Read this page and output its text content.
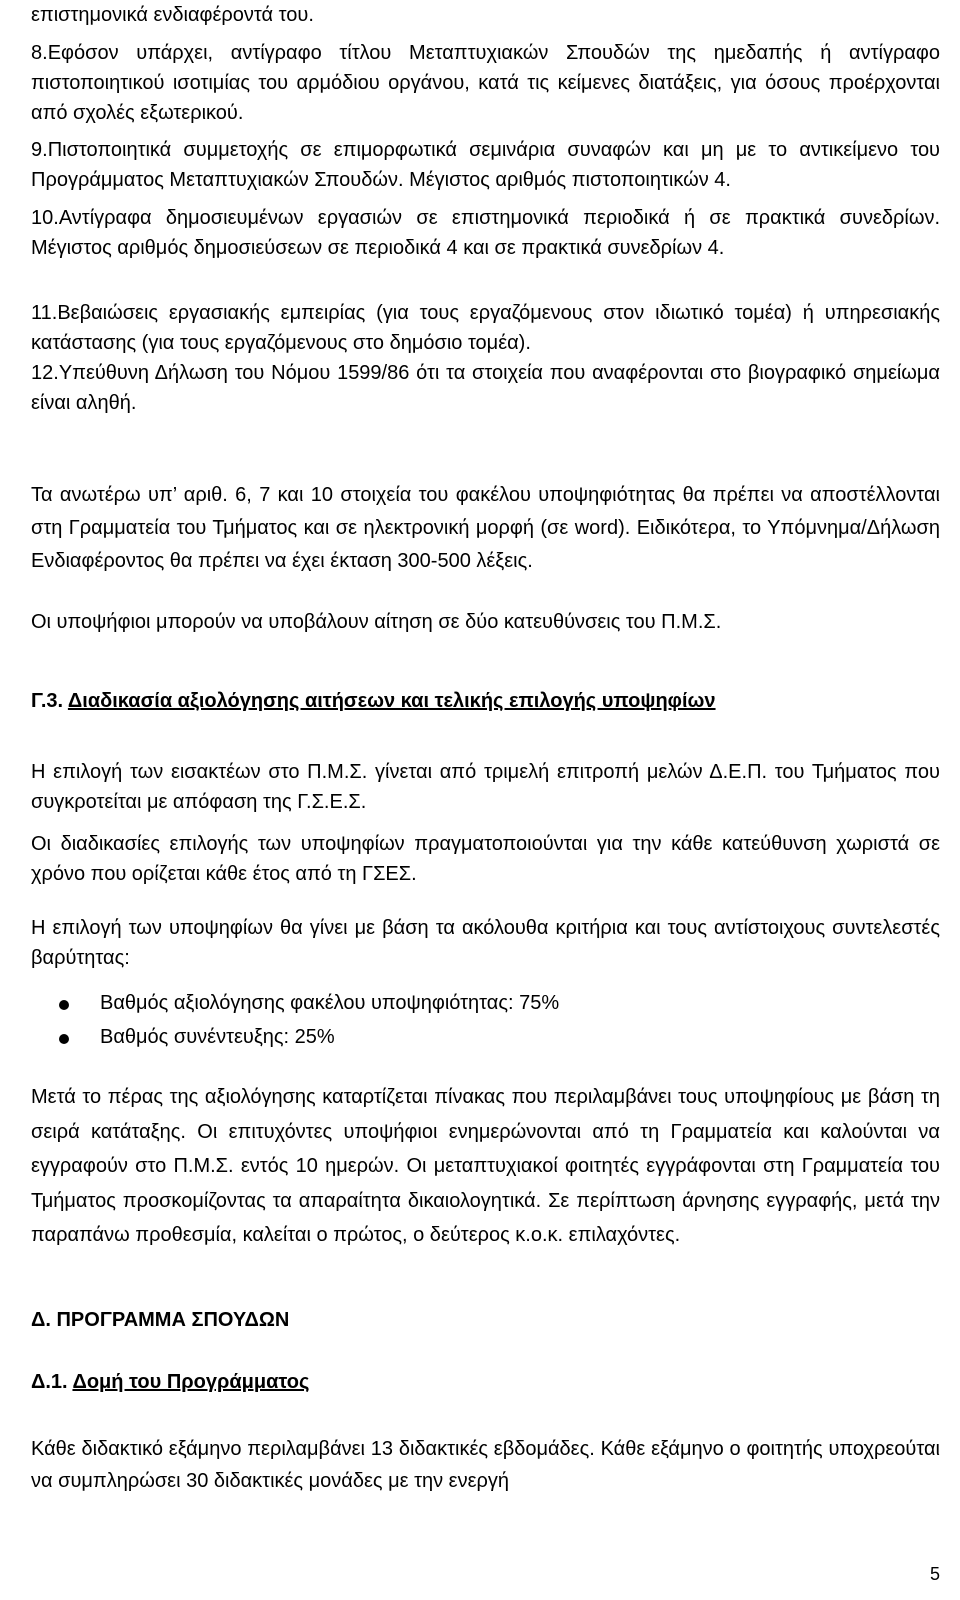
επιστημονικά ενδιαφέροντά του.

8.Εφόσον υπάρχει, αντίγραφο τίτλου Μεταπτυχιακών Σπουδών της ημεδαπής ή αντίγραφο πιστοποιητικού ισοτιμίας του αρμόδιου οργάνου, κατά τις κείμενες διατάξεις, για όσους προέρχονται από σχολές εξωτερικού.

9.Πιστοποιητικά συμμετοχής σε επιμορφωτικά σεμινάρια συναφών και μη με το αντικείμενο του Προγράμματος Μεταπτυχιακών Σπουδών. Μέγιστος αριθμός πιστοποιητικών 4.

10.Αντίγραφα δημοσιευμένων εργασιών σε επιστημονικά περιοδικά ή σε πρακτικά συνεδρίων. Μέγιστος αριθμός δημοσιεύσεων σε περιοδικά 4 και σε πρακτικά συνεδρίων 4.

11.Βεβαιώσεις εργασιακής εμπειρίας (για τους εργαζόμενους στον ιδιωτικό τομέα) ή υπηρεσιακής κατάστασης (για τους εργαζόμενους στο δημόσιο τομέα).

12.Υπεύθυνη Δήλωση του Νόμου 1599/86 ότι τα στοιχεία που αναφέρονται στο βιογραφικό σημείωμα είναι αληθή.

Τα ανωτέρω υπ’ αριθ. 6, 7 και 10 στοιχεία του φακέλου υποψηφιότητας θα πρέπει να αποστέλλονται στη Γραμματεία του Τμήματος και σε ηλεκτρονική μορφή (σε word). Ειδικότερα, το Υπόμνημα/Δήλωση Ενδιαφέροντος θα πρέπει να έχει έκταση 300-500 λέξεις.

Οι υποψήφιοι μπορούν να υποβάλουν αίτηση σε δύο κατευθύνσεις του Π.Μ.Σ.

Γ.3. Διαδικασία αξιολόγησης αιτήσεων και τελικής επιλογής υποψηφίων

Η επιλογή των εισακτέων στο Π.Μ.Σ. γίνεται από τριμελή επιτροπή μελών Δ.Ε.Π. του Τμήματος που συγκροτείται με απόφαση της Γ.Σ.Ε.Σ.

Οι διαδικασίες επιλογής των υποψηφίων πραγματοποιούνται για την κάθε κατεύθυνση χωριστά σε χρόνο που ορίζεται κάθε έτος από τη ΓΣΕΣ.

Η επιλογή των υποψηφίων θα γίνει με βάση τα ακόλουθα κριτήρια και τους αντίστοιχους συντελεστές βαρύτητας:

Βαθμός αξιολόγησης φακέλου υποψηφιότητας: 75%
Βαθμός συνέντευξης: 25%

Μετά το πέρας της αξιολόγησης καταρτίζεται πίνακας που περιλαμβάνει τους υποψηφίους με βάση τη σειρά κατάταξης. Οι επιτυχόντες υποψήφιοι ενημερώνονται από τη Γραμματεία και καλούνται να εγγραφούν στο Π.Μ.Σ. εντός 10 ημερών. Οι μεταπτυχιακοί φοιτητές εγγράφονται στη Γραμματεία του Τμήματος προσκομίζοντας τα απαραίτητα δικαιολογητικά. Σε περίπτωση άρνησης εγγραφής, μετά την παραπάνω προθεσμία, καλείται ο πρώτος, ο δεύτερος κ.ο.κ. επιλαχόντες.

Δ. ΠΡΟΓΡΑΜΜΑ ΣΠΟΥΔΩΝ

Δ.1. Δομή του Προγράμματος

Κάθε διδακτικό εξάμηνο περιλαμβάνει 13 διδακτικές εβδομάδες. Κάθε εξάμηνο ο φοιτητής υποχρεούται να συμπληρώσει 30 διδακτικές μονάδες με την ενεργή

5
